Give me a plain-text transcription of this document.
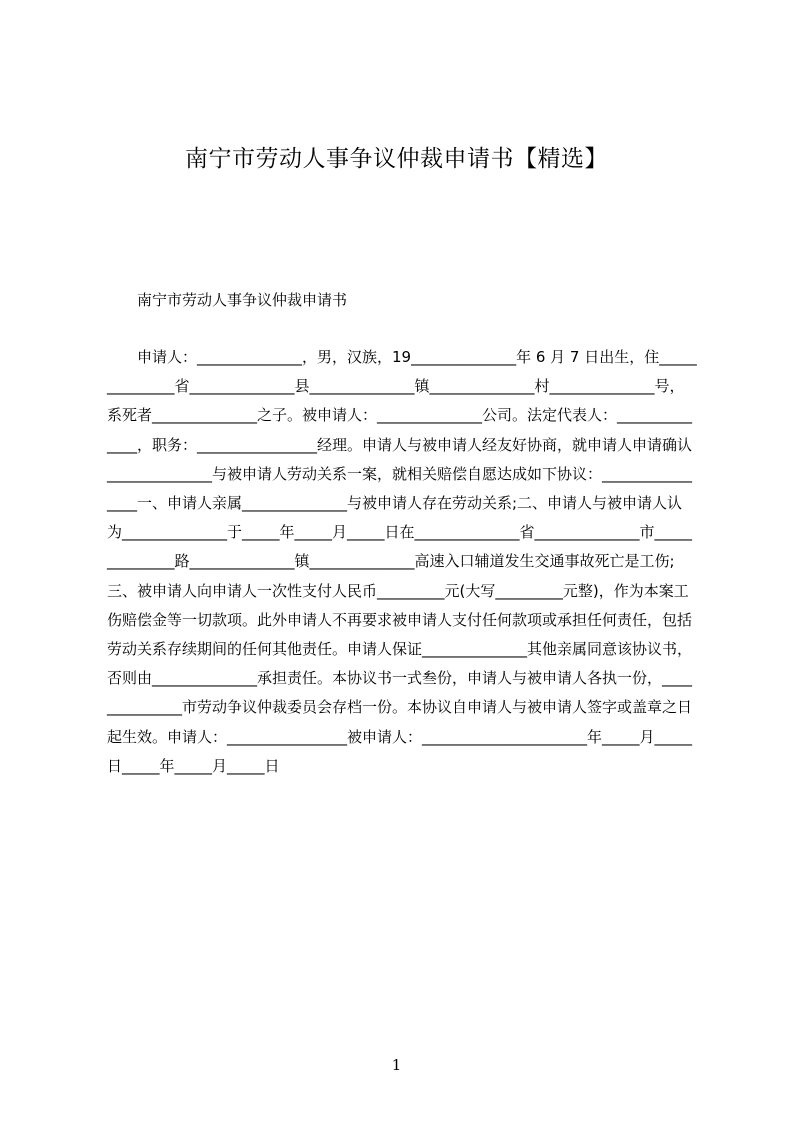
南宁市劳动人事争议仲裁申请书【精选】

南宁市劳动人事争议仲裁申请书

申请人：______________，男，汉族，19______________年 6 月 7 日出生，住______________省______________县______________镇______________村______________号，系死者______________之子。被申请人：______________公司。法定代表人：______________，职务：________________经理。申请人与被申请人经友好协商，就申请人申请确认______________与被申请人劳动关系一案，就相关赔偿自愿达成如下协议：________________一、申请人亲属______________与被申请人存在劳动关系;二、申请人与被申请人认为______________于_____年_____月_____日在______________省______________市______________路______________镇______________高速入口辅道发生交通事故死亡是工伤;三、被申请人向申请人一次性支付人民币_________元(大写_________元整)，作为本案工伤赔偿金等一切款项。此外申请人不再要求被申请人支付任何款项或承担任何责任，包括劳动关系存续期间的任何其他责任。申请人保证______________其他亲属同意该协议书，否则由______________承担责任。本协议书一式叁份，申请人与被申请人各执一份，______________市劳动争议仲裁委员会存档一份。本协议自申请人与被申请人签字或盖章之日起生效。申请人：________________被申请人：______________________年_____月_____日_____年_____月_____日

1
